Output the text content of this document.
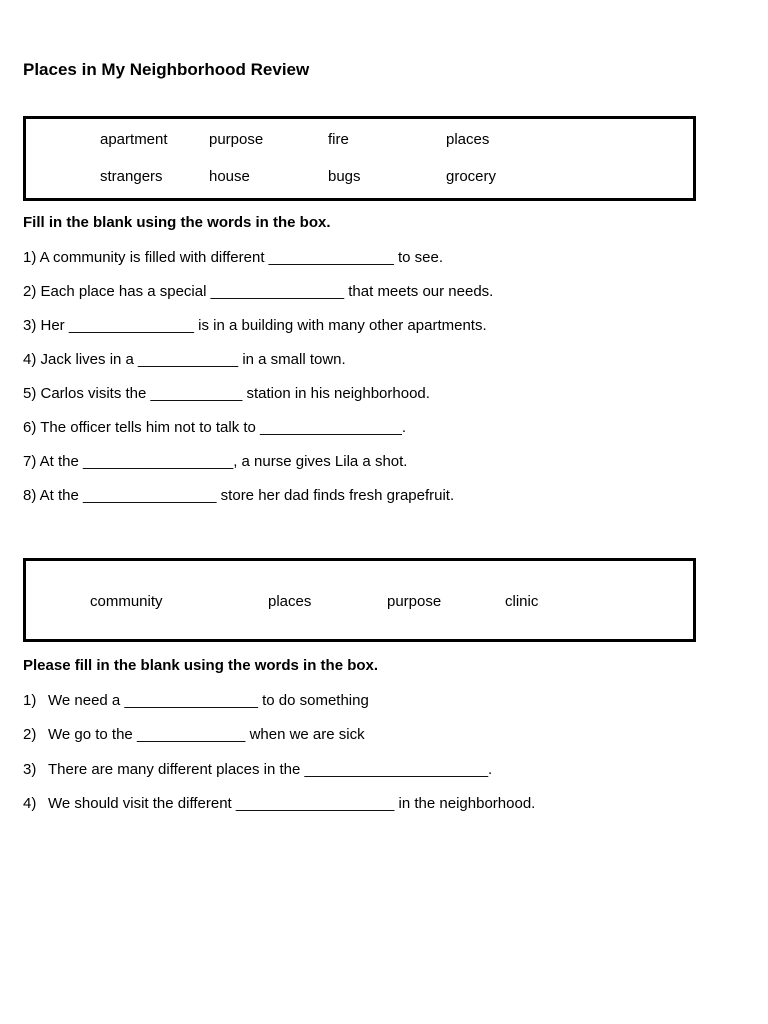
Places in My Neighborhood Review
apartment	purpose	fire	places
strangers	house	bugs	grocery
Fill in the blank using the words in the box.
1) A community is filled with different _______________ to see.
2) Each place has a special ________________ that meets our needs.
3) Her _______________ is in a building with many other apartments.
4) Jack lives in a ____________ in a small town.
5) Carlos visits the ___________ station in his neighborhood.
6) The officer tells him not to talk to _________________.
7) At the __________________, a nurse gives Lila a shot.
8) At the ________________ store her dad finds fresh grapefruit.
community	places	purpose	clinic
Please fill in the blank using the words in the box.
1) We need a ________________ to do something
2) We go to the _____________ when we are sick
3) There are many different places in the ______________________.
4) We should visit the different ___________________ in the neighborhood.
